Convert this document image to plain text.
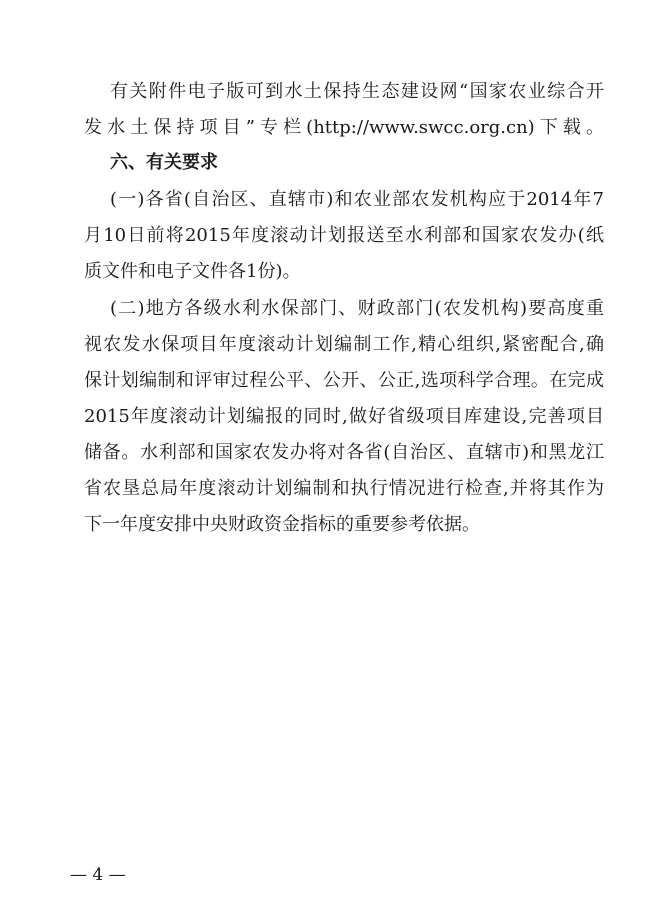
有关附件电子版可到水土保持生态建设网“国家农业综合开
发水土保持项目”专栏(http://www.swcc.org.cn)下载。
六、有关要求
(一)各省(自治区、直辖市)和农业部农发机构应于2014年7
月10日前将2015年度滚动计划报送至水利部和国家农发办(纸
质文件和电子文件各1份)。
(二)地方各级水利水保部门、财政部门(农发机构)要高度重
视农发水保项目年度滚动计划编制工作,精心组织,紧密配合,确
保计划编制和评审过程公平、公开、公正,选项科学合理。在完成
2015年度滚动计划编报的同时,做好省级项目库建设,完善项目
储备。水利部和国家农发办将对各省(自治区、直辖市)和黑龙江
省农垦总局年度滚动计划编制和执行情况进行检查,并将其作为
下一年度安排中央财政资金指标的重要参考依据。
— 4 —
